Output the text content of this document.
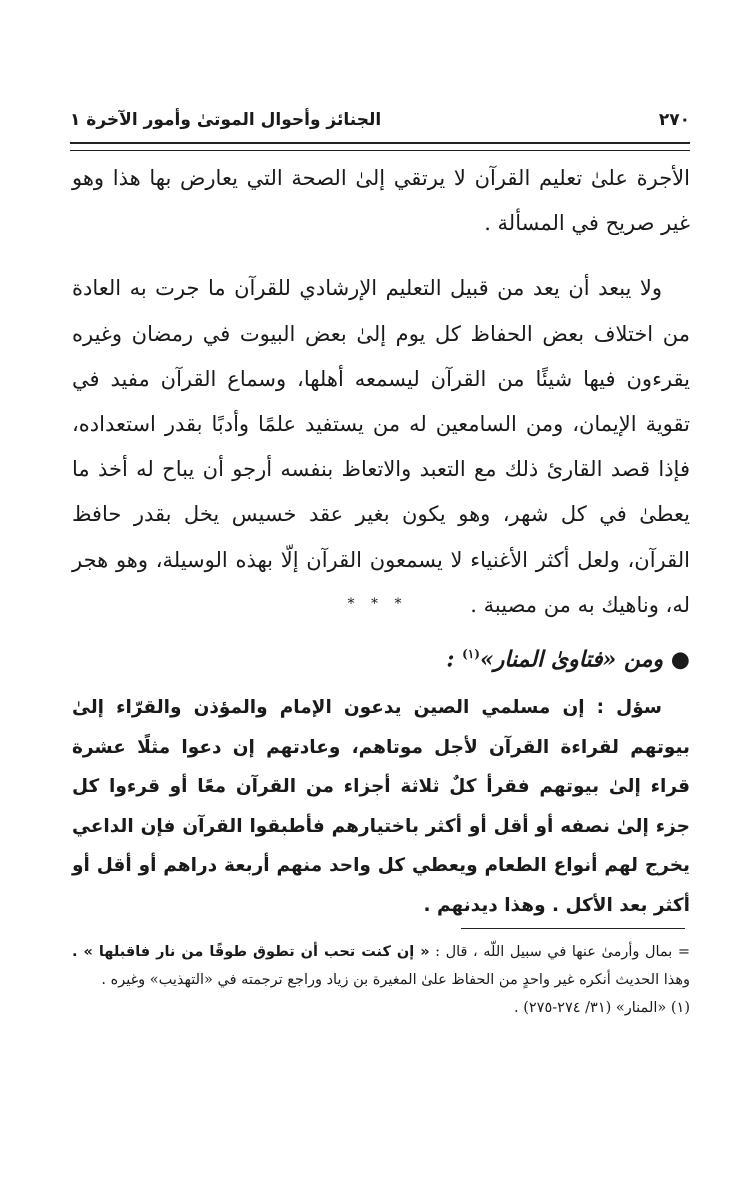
٢٧٠
الجنائز وأحوال الموتىٰ وأمور الآخرة ١

الأجرة علىٰ تعليم القرآن لا يرتقي إلىٰ الصحة التي يعارض بها هذا وهو غير صريح في المسألة .

ولا يبعد أن يعد من قبيل التعليم الإرشادي للقرآن ما جرت به العادة من اختلاف بعض الحفاظ كل يوم إلىٰ بعض البيوت في رمضان وغيره يقرءون فيها شيئًا من القرآن ليسمعه أهلها، وسماع القرآن مفيد في تقوية الإيمان، ومن السامعين له من يستفيد علمًا وأدبًا بقدر استعداده، فإذا قصد القارئ ذلك مع التعبد والاتعاظ بنفسه أرجو أن يباح له أخذ ما يعطىٰ في كل شهر، وهو يكون بغير عقد خسيس يخل بقدر حافظ القرآن، ولعل أكثر الأغنياء لا يسمعون القرآن إلّا بهذه الوسيلة، وهو هجر له، وناهيك به من مصيبة .

* * *
● ومن «فتاوىٰ المنار»$^{(١)}$ :
سؤل : إن مسلمي الصين يدعون الإمام والمؤذن والقرّاء إلىٰ بيوتهم لقراءة القرآن لأجل موتاهم، وعادتهم إن دعوا مثلًا عشرة قراء إلىٰ بيوتهم فقرأ كلٌ ثلاثة أجزاء من القرآن معًا أو قرءوا كل جزء إلىٰ نصفه أو أقل أو أكثر باختيارهم فأطبقوا القرآن فإن الداعي يخرج لهم أنواع الطعام ويعطي كل واحد منهم أربعة دراهم أو أقل أو أكثر بعد الأكل . وهذا ديدنهم .

= بمال وأرمىٰ عنها في سبيل اللّه ، قال : « إن كنت تحب أن تطوق طوقًا من نار فاقبلها » . وهذا الحديث أنكره غير واحدٍ من الحفاظ علىٰ المغيرة بن زياد وراجع ترجمته في «التهذيب» وغيره .

(١) «المنار» (٣١/ ٢٧٤-٢٧٥) .
